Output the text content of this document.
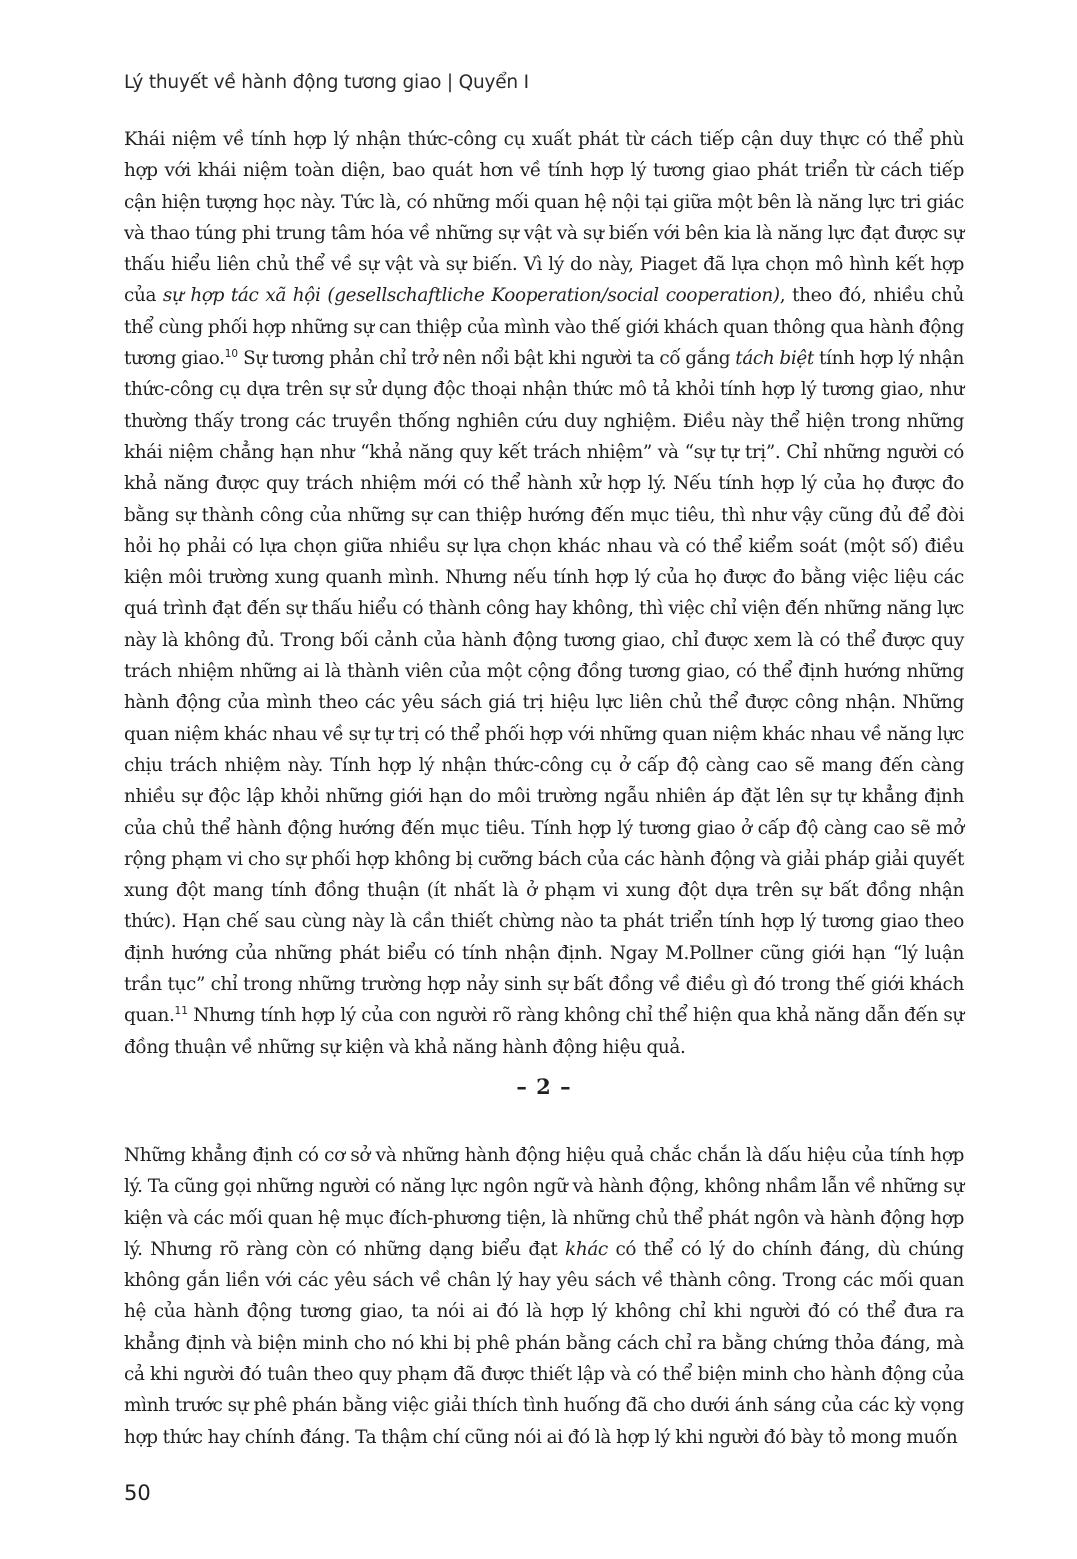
Lý thuyết về hành động tương giao | Quyển I

Khái niệm về tính hợp lý nhận thức-công cụ xuất phát từ cách tiếp cận duy thực có thể phù hợp với khái niệm toàn diện, bao quát hơn về tính hợp lý tương giao phát triển từ cách tiếp cận hiện tượng học này. Tức là, có những mối quan hệ nội tại giữa một bên là năng lực tri giác và thao túng phi trung tâm hóa về những sự vật và sự biến với bên kia là năng lực đạt được sự thấu hiểu liên chủ thể về sự vật và sự biến. Vì lý do này, Piaget đã lựa chọn mô hình kết hợp của sự hợp tác xã hội (gesellschaftliche Kooperation/social cooperation), theo đó, nhiều chủ thể cùng phối hợp những sự can thiệp của mình vào thế giới khách quan thông qua hành động tương giao.$^{10}$ Sự tương phản chỉ trở nên nổi bật khi người ta cố gắng tách biệt tính hợp lý nhận thức-công cụ dựa trên sự sử dụng độc thoại nhận thức mô tả khỏi tính hợp lý tương giao, như thường thấy trong các truyền thống nghiên cứu duy nghiệm. Điều này thể hiện trong những khái niệm chẳng hạn như “khả năng quy kết trách nhiệm” và “sự tự trị”. Chỉ những người có khả năng được quy trách nhiệm mới có thể hành xử hợp lý. Nếu tính hợp lý của họ được đo bằng sự thành công của những sự can thiệp hướng đến mục tiêu, thì như vậy cũng đủ để đòi hỏi họ phải có lựa chọn giữa nhiều sự lựa chọn khác nhau và có thể kiểm soát (một số) điều kiện môi trường xung quanh mình. Nhưng nếu tính hợp lý của họ được đo bằng việc liệu các quá trình đạt đến sự thấu hiểu có thành công hay không, thì việc chỉ viện đến những năng lực này là không đủ. Trong bối cảnh của hành động tương giao, chỉ được xem là có thể được quy trách nhiệm những ai là thành viên của một cộng đồng tương giao, có thể định hướng những hành động của mình theo các yêu sách giá trị hiệu lực liên chủ thể được công nhận. Những quan niệm khác nhau về sự tự trị có thể phối hợp với những quan niệm khác nhau về năng lực chịu trách nhiệm này. Tính hợp lý nhận thức-công cụ ở cấp độ càng cao sẽ mang đến càng nhiều sự độc lập khỏi những giới hạn do môi trường ngẫu nhiên áp đặt lên sự tự khẳng định của chủ thể hành động hướng đến mục tiêu. Tính hợp lý tương giao ở cấp độ càng cao sẽ mở rộng phạm vi cho sự phối hợp không bị cưỡng bách của các hành động và giải pháp giải quyết xung đột mang tính đồng thuận (ít nhất là ở phạm vi xung đột dựa trên sự bất đồng nhận thức). Hạn chế sau cùng này là cần thiết chừng nào ta phát triển tính hợp lý tương giao theo định hướng của những phát biểu có tính nhận định. Ngay M.Pollner cũng giới hạn “lý luận trần tục” chỉ trong những trường hợp nảy sinh sự bất đồng về điều gì đó trong thế giới khách quan.$^{11}$ Nhưng tính hợp lý của con người rõ ràng không chỉ thể hiện qua khả năng dẫn đến sự đồng thuận về những sự kiện và khả năng hành động hiệu quả.

– 2 –

Những khẳng định có cơ sở và những hành động hiệu quả chắc chắn là dấu hiệu của tính hợp lý. Ta cũng gọi những người có năng lực ngôn ngữ và hành động, không nhầm lẫn về những sự kiện và các mối quan hệ mục đích-phương tiện, là những chủ thể phát ngôn và hành động hợp lý. Nhưng rõ ràng còn có những dạng biểu đạt khác có thể có lý do chính đáng, dù chúng không gắn liền với các yêu sách về chân lý hay yêu sách về thành công. Trong các mối quan hệ của hành động tương giao, ta nói ai đó là hợp lý không chỉ khi người đó có thể đưa ra khẳng định và biện minh cho nó khi bị phê phán bằng cách chỉ ra bằng chứng thỏa đáng, mà cả khi người đó tuân theo quy phạm đã được thiết lập và có thể biện minh cho hành động của mình trước sự phê phán bằng việc giải thích tình huống đã cho dưới ánh sáng của các kỳ vọng hợp thức hay chính đáng. Ta thậm chí cũng nói ai đó là hợp lý khi người đó bày tỏ mong muốn

50
